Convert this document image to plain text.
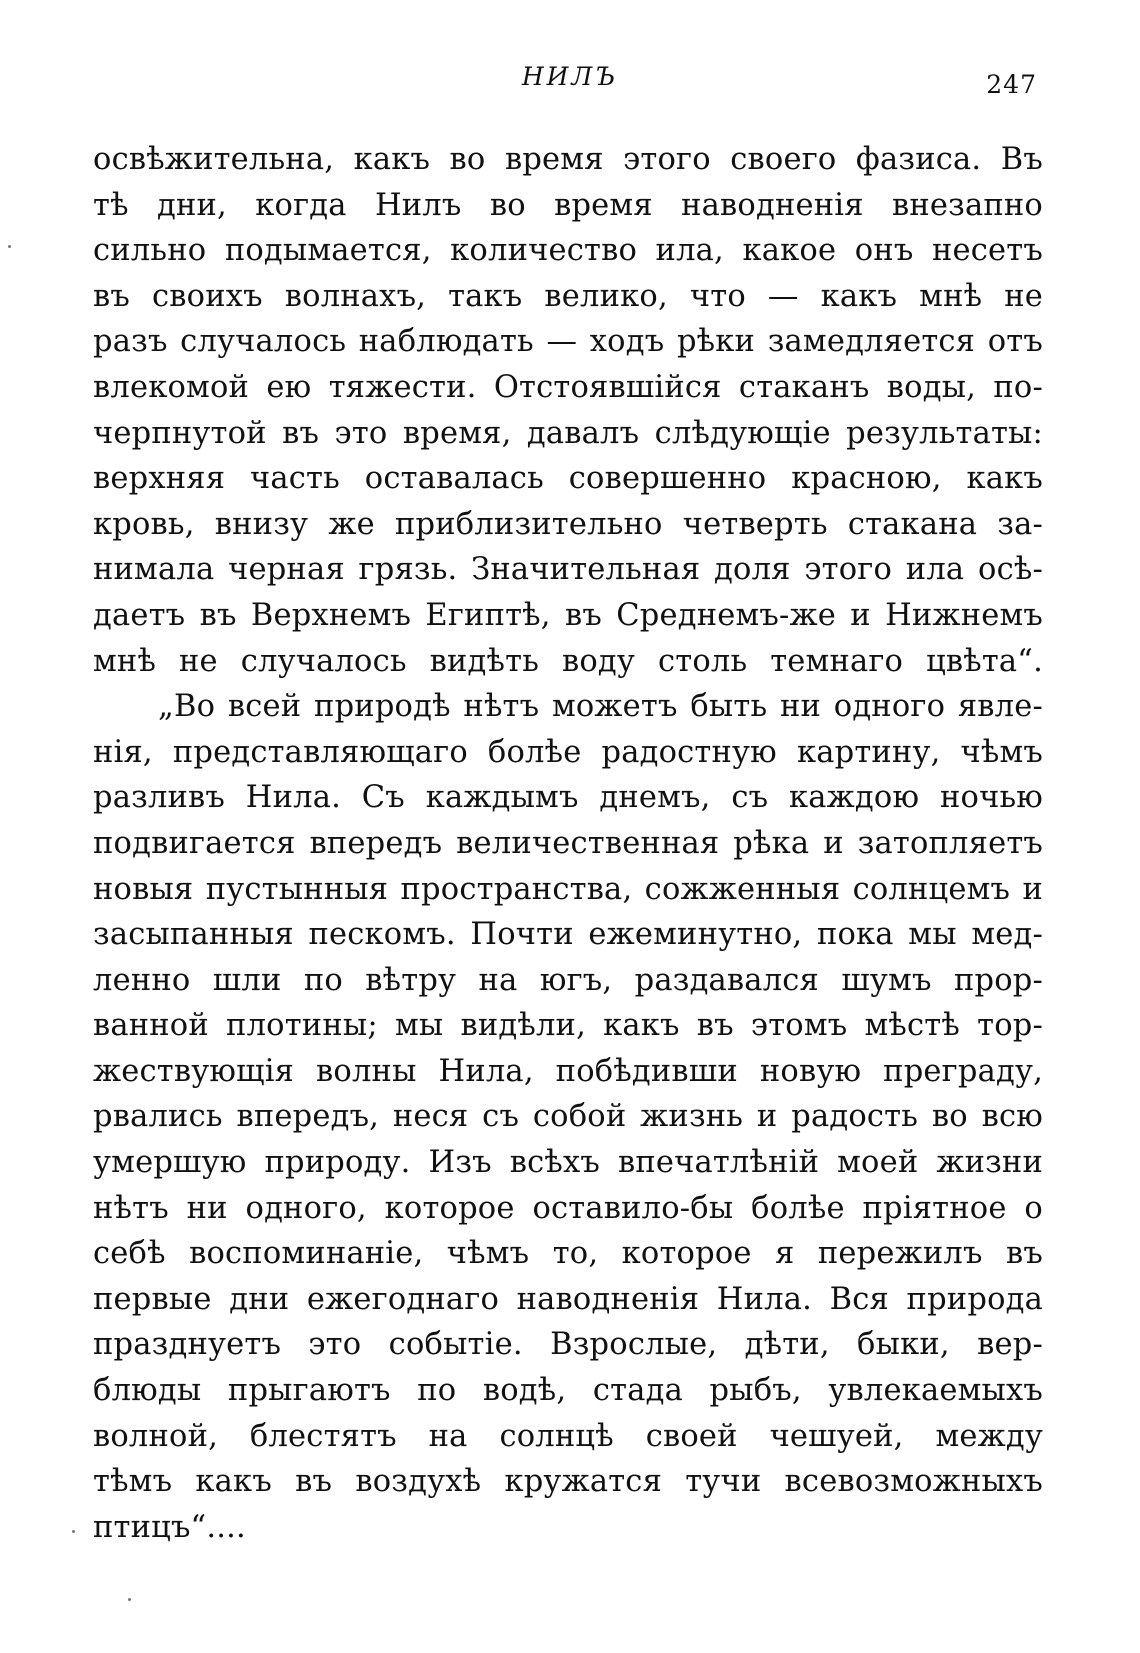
НИЛЪ	247
освѣжительна, какъ во время этого своего фазиса. Въ
тѣ дни, когда Нилъ во время наводненія внезапно
сильно подымается, количество ила, какое онъ несетъ
въ своихъ волнахъ, такъ велико, что — какъ мнѣ не
разъ случалось наблюдать — ходъ рѣки замедляется отъ
влекомой ею тяжести. Отстоявшійся стаканъ воды, по-
черпнутой въ это время, давалъ слѣдующіе результаты:
верхняя часть оставалась совершенно красною, какъ
кровь, внизу же приблизительно четверть стакана за-
нимала черная грязь. Значительная доля этого ила осѣ-
даетъ въ Верхнемъ Египтѣ, въ Среднемъ-же и Нижнемъ
мнѣ не случалось видѣть воду столь темнаго цвѣта“.
„Во всей природѣ нѣтъ можетъ быть ни одного явле-
нія, представляющаго болѣе радостную картину, чѣмъ
разливъ Нила. Съ каждымъ днемъ, съ каждою ночью
подвигается впередъ величественная рѣка и затопляетъ
новыя пустынныя пространства, сожженныя солнцемъ и
засыпанныя пескомъ. Почти ежеминутно, пока мы мед-
ленно шли по вѣтру на югъ, раздавался шумъ прор-
ванной плотины; мы видѣли, какъ въ этомъ мѣстѣ тор-
жествующія волны Нила, побѣдивши новую преграду,
рвались впередъ, неся съ собой жизнь и радость во всю
умершую природу. Изъ всѣхъ впечатлѣній моей жизни
нѣтъ ни одного, которое оставило-бы болѣе пріятное о
себѣ воспоминаніе, чѣмъ то, которое я пережилъ въ
первые дни ежегоднаго наводненія Нила. Вся природа
празднуетъ это событіе. Взрослые, дѣти, быки, вер-
блюды прыгаютъ по водѣ, стада рыбъ, увлекаемыхъ
волной, блестятъ на солнцѣ своей чешуей, между
тѣмъ какъ въ воздухѣ кружатся тучи всевозможныхъ
птицъ“....
